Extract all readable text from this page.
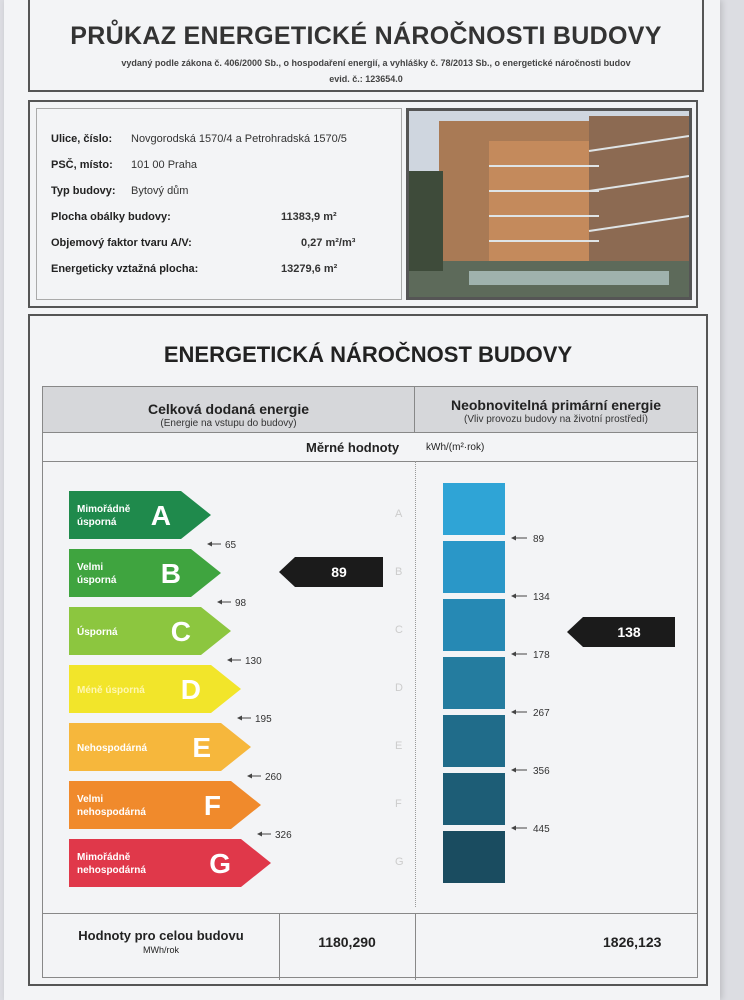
PRŮKAZ ENERGETICKÉ NÁROČNOSTI BUDOVY
vydaný podle zákona č. 406/2000 Sb., o hospodaření energií, a vyhlášky č. 78/2013 Sb., o energetické náročnosti budov
evid. č.: 123654.0
Ulice, číslo: Novgorodská 1570/4 a Petrohradská 1570/5
PSČ, místo: 101 00 Praha
Typ budovy: Bytový dům
Plocha obálky budovy:	11383,9 m²
Objemový faktor tvaru A/V:	0,27 m²/m³
Energeticky vztažná plocha:	13279,6 m²
ENERGETICKÁ NÁROČNOST BUDOVY
Celková dodaná energie
(Energie na vstupu do budovy)
Neobnovitelná primární energie
(Vliv provozu budovy na životní prostředí)
Měrné hodnoty	kWh/(m²·rok)
Mimořádně
úsporná A	A
Velmi
úsporná B	B
Úsporná C	C
Méně úsporná D	D
Nehospodárná E	E
Velmi
nehospodárná F	F
Mimořádně
nehospodárná G	G
65
98
130
195
260
326
89
134
178
267
356
445
89
138
Hodnoty pro celou budovu
MWh/rok	1180,290	1826,123
